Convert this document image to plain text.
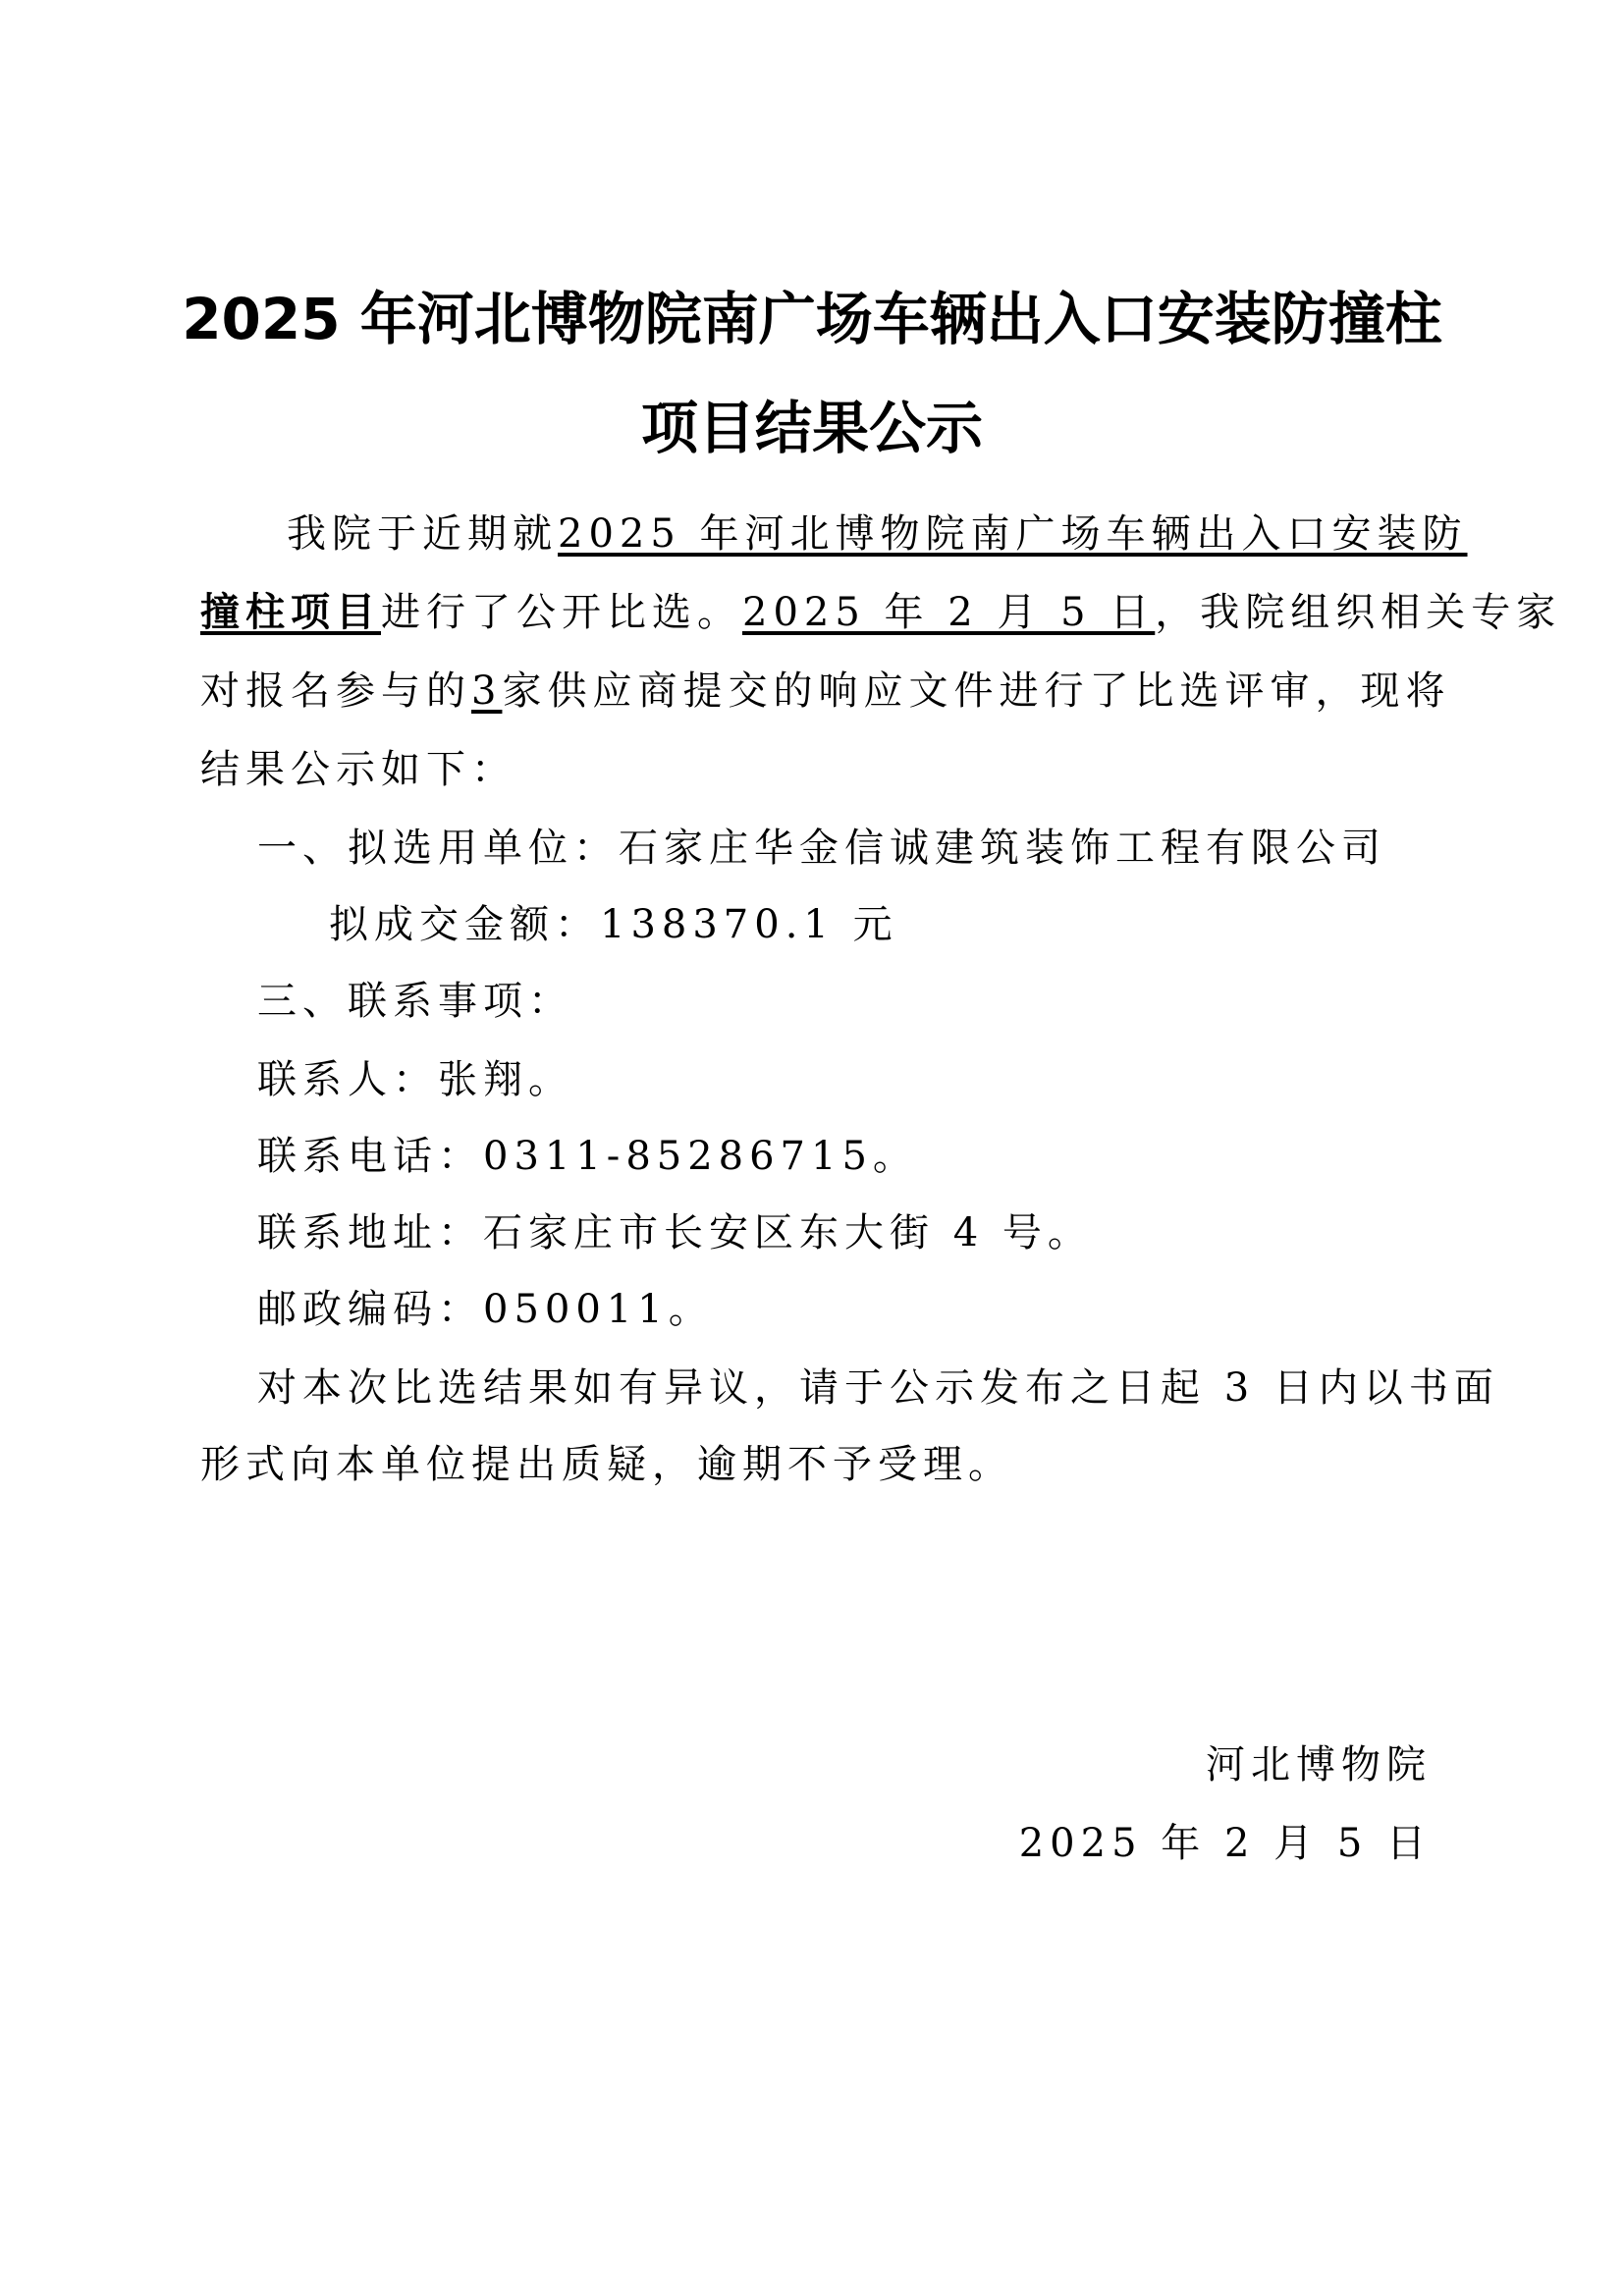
2025 年河北博物院南广场车辆出入口安装防撞柱
项目结果公示
我院于近期就2025 年河北博物院南广场车辆出入口安装防
撞柱项目进行了公开比选。2025 年 2 月 5 日，我院组织相关专家
对报名参与的3家供应商提交的响应文件进行了比选评审，现将
结果公示如下：
一、拟选用单位：石家庄华金信诚建筑装饰工程有限公司
拟成交金额：138370.1 元
三、联系事项：
联系人：张翔。
联系电话：0311-85286715。
联系地址：石家庄市长安区东大街 4 号。
邮政编码：050011。
对本次比选结果如有异议，请于公示发布之日起 3 日内以书面
形式向本单位提出质疑，逾期不予受理。
河北博物院
2025 年 2 月 5 日
